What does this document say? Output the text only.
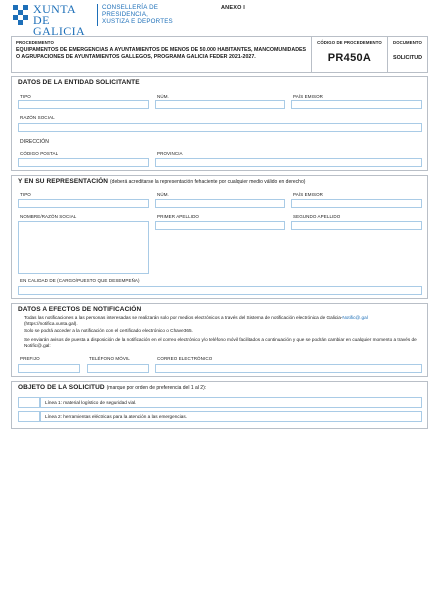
XUNTA
DE GALICIA
CONSELLERÍA DE
PRESIDENCIA,
XUSTIZA E DEPORTES
ANEXO I
PROCEDEMENTO
EQUIPAMENTOS DE EMERGENCIAS A AYUNTAMIENTOS DE MENOS DE 50.000 HABITANTES, MANCOMUNIDADES O AGRUPACIONES DE AYUNTAMIENTOS GALLEGOS, PROGRAMA GALICIA FEDER 2021-2027.
CÓDIGO DE PROCEDEMENTO
PR450A
DOCUMENTO
SOLICITUD
DATOS DE LA ENTIDAD SOLICITANTE
TIPO	NÚM.	PAÍS EMISOR
RAZÓN SOCIAL
DIRECCIÓN
CÓDIGO POSTAL	PROVINCIA
Y EN SU REPRESENTACIÓN (deberá acreditarse la representación fehaciente por cualquier medio válido en derecho)
TIPO	NÚM.	PAÍS EMISOR
NOMBRE/RAZÓN SOCIAL	PRIMER APELLIDO	SEGUNDO APELLIDO
EN CALIDAD DE (CARGO/PUESTO QUE DESEMPEÑA)
DATOS A EFECTOS DE NOTIFICACIÓN
Todas las notificaciones a las personas interesadas se realizarán solo por medios electrónicos a través del Sistema de notificación electrónica de Galicia-Notific@.gal
(https://notifica.xunta.gal).
Solo se podrá acceder a la notificación con el certificado electrónico o Chave365.
Se enviarán avisos de puesta a disposición de la notificación en el correo electrónico y/o teléfono móvil facilitados a continuación y que se podrán cambiar en cualquier momento a través de Notific@.gal:
PREFIJO	TELÉFONO MÓVIL	CORREO ELECTRÓNICO
OBJETO DE LA SOLICITUD (marque por orden de preferencia del 1 al 2):
Línea 1: material logístico de seguridad vial.
Línea 2: herramientas eléctricas para la atención a las emergencias.
